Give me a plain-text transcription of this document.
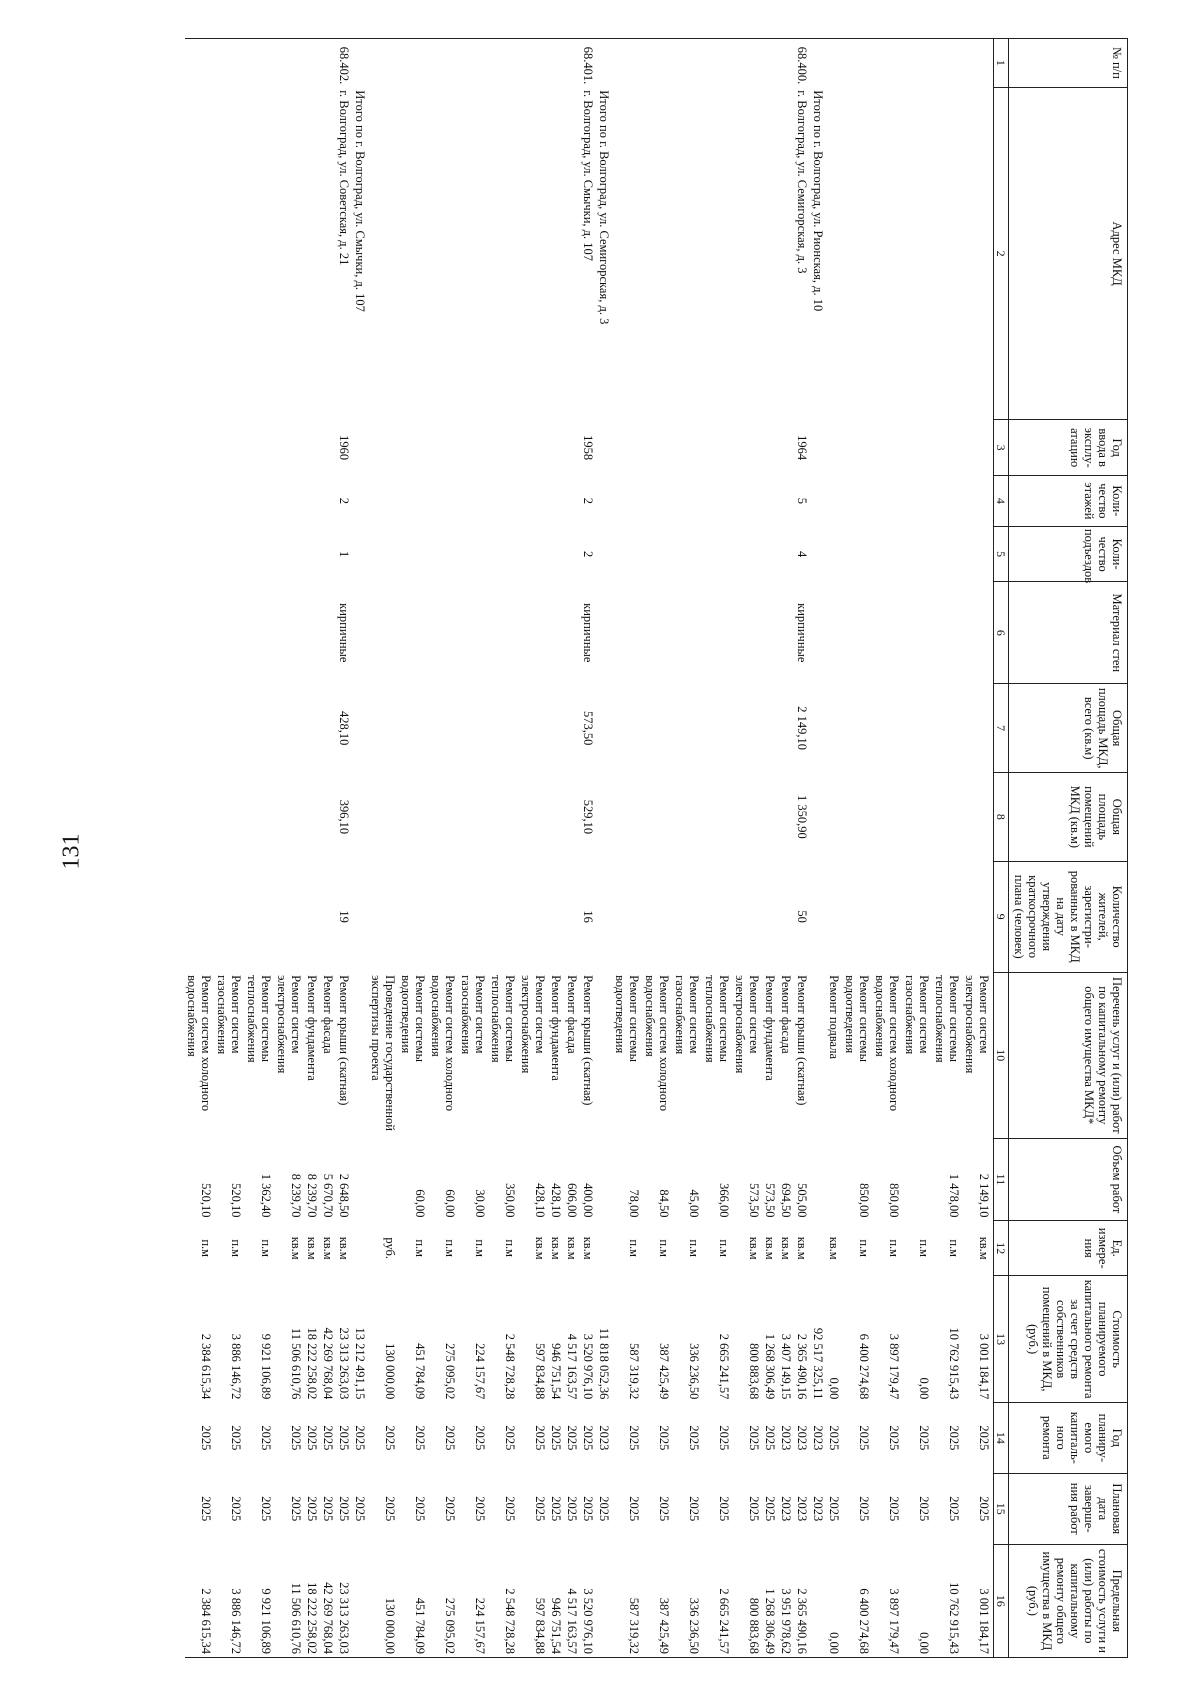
131
№ п/п	Адрес МКД	Год ввода в эксплу-атацию	Коли-чество этажей	Коли-чество подъездов	Материал стен	Общая площадь МКД, всего (кв.м)	Общая площадь помещений МКД (кв.м)	Количество жителей, зарегистри-рованных в МКД на дату утверждения краткосрочного плана (человек)	Перечень услуг и (или) работ по капитальному ремонту общего имущества МКД*	Объем работ	Ед. измере-ния	Стоимость планируемого капитального ремонта за счет средств собственников помещений в МКД, (руб.)	Год планиру-емого капиталь-ного ремонта	Плановая дата заверше-ния работ	Предельная стоимость услуги и (или) работы по капитальному ремонту общего имущества в МКД (руб.)
1	2	3	4	5	6	7	8	9	10	11	12	13	14	15	16

									Ремонт систем электроснабжения	2 149,10	кв.м	3 001 184,17	2025	2025	3 001 184,17

									Ремонт системы теплоснабжения	1 478,00	п.м	10 762 915,43	2025	2025	10 762 915,43

									Ремонт систем газоснабжения		п.м	0,00	2025	2025	0,00

									Ремонт систем холодного водоснабжения	850,00	п.м	3 897 179,47	2025	2025	3 897 179,47

									Ремонт системы водоотведения	850,00	п.м	6 400 274,68	2025	2025	6 400 274,68

									Ремонт подвала		кв.м	0,00	2025	2025	0,00

	Итого по г. Волгоград, ул. Рионская, д. 10											92 517 325,11	2023	2023	

68.400.	г. Волгоград, ул. Семигорская, д. 3	1964	5	4	кирпичные	2 149,10	1 350,90	50	Ремонт крыши (скатная)	505,00	кв.м	2 365 490,16	2023	2023	2 365 490,16

									Ремонт фасада	694,50	кв.м	3 407 149,15	2023	2023	3 951 978,62

									Ремонт фундамента	573,50	кв.м	1 268 306,49	2025	2025	1 268 306,49

									Ремонт систем электроснабжения	573,50	кв.м	800 883,68	2025	2025	800 883,68

									Ремонт системы теплоснабжения	366,00	п.м	2 665 241,57	2025	2025	2 665 241,57

									Ремонт систем газоснабжения	45,00	п.м	336 236,50	2025	2025	336 236,50

									Ремонт систем холодного водоснабжения	84,50	п.м	387 425,49	2025	2025	387 425,49

									Ремонт системы водоотведения	78,00	п.м	587 319,32	2025	2025	587 319,32

	Итого по г. Волгоград, ул. Семигорская, д. 3											11 818 052,36	2023	2025	

68.401.	г. Волгоград, ул. Смычки, д. 107	1958	2	2	кирпичные	573,50	529,10	16	Ремонт крыши (скатная)	400,00	кв.м	3 520 976,10	2025	2025	3 520 976,10

									Ремонт фасада	606,00	кв.м	4 517 163,57	2025	2025	4 517 163,57

									Ремонт фундамента	428,10	кв.м	946 751,54	2025	2025	946 751,54

									Ремонт систем электроснабжения	428,10	кв.м	597 834,88	2025	2025	597 834,88

									Ремонт системы теплоснабжения	350,00	п.м	2 548 728,28	2025	2025	2 548 728,28

									Ремонт систем газоснабжения	30,00	п.м	224 157,67	2025	2025	224 157,67

									Ремонт систем холодного водоснабжения	60,00	п.м	275 095,02	2025	2025	275 095,02

									Ремонт системы водоотведения	60,00	п.м	451 784,09	2025	2025	451 784,09

									Проведение государственной экспертизы проекта		руб.	130 000,00	2025	2025	130 000,00

	Итого по г. Волгоград, ул. Смычки, д. 107											13 212 491,15	2025	2025	

68.402.	г. Волгоград, ул. Советская, д. 21	1960	2	1	кирпичные	428,10	396,10	19	Ремонт крыши (скатная)	2 648,50	кв.м	23 313 263,03	2025	2025	23 313 263,03

									Ремонт фасада	5 670,70	кв.м	42 269 768,04	2025	2025	42 269 768,04

									Ремонт фундамента	8 239,70	кв.м	18 222 258,02	2025	2025	18 222 258,02

									Ремонт систем электроснабжения	8 239,70	кв.м	11 506 610,76	2025	2025	11 506 610,76

									Ремонт системы теплоснабжения	1 362,40	п.м	9 921 106,89	2025	2025	9 921 106,89

									Ремонт систем газоснабжения	520,10	п.м	3 886 146,72	2025	2025	3 886 146,72

									Ремонт систем холодного водоснабжения	520,10	п.м	2 384 615,34	2025	2025	2 384 615,34
